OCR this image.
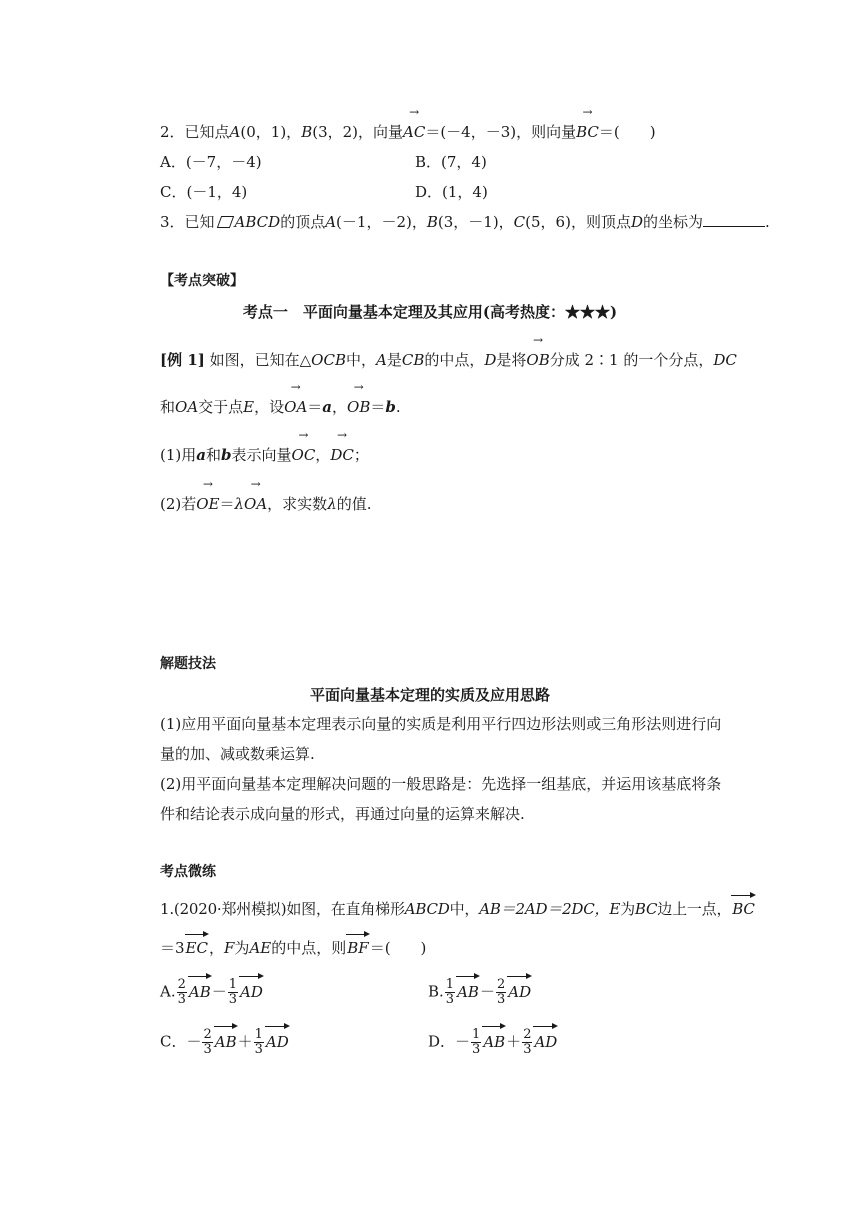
2．已知点A(0，1)，B(3，2)，向量→ AC＝(－4，－3)，则向量→ BC＝(　　)
A．(－7，－4)	B．(7，4)
C．(－1，4)	D．(1，4)
3．已知 ABCD的顶点A(－1，－2)，B(3，－1)，C(5，6)，则顶点D的坐标为	.
【考点突破】
考点一　平面向量基本定理及其应用(高考热度：★★★)
[例 1] 如图，已知在△OCB中，A是CB的中点，D是将→ OB分成 2∶1 的一个分点，DC
和OA交于点E，设→ OA＝a，→ OB＝b.
(1)用a和b表示向量→ OC，→ DC；
(2)若→ OE＝λ→ OA，求实数λ的值.
解题技法
平面向量基本定理的实质及应用思路
(1)应用平面向量基本定理表示向量的实质是利用平行四边形法则或三角形法则进行向
量的加、减或数乘运算.
(2)用平面向量基本定理解决问题的一般思路是：先选择一组基底，并运用该基底将条
件和结论表示成向量的形式，再通过向量的运算来解决.
考点微练
1.(2020·郑州模拟)如图，在直角梯形ABCD中，AB＝2AD＝2DC，E为BC边上一点，BC
＝3EC，F为AE的中点，则BF＝(　　)
A. $\frac{2}{3} AB- \frac{1}{3}$ AD	B. $\frac{1}{3} AB- \frac{2}{3}$ AD
C．－ $\frac{2}{3} AB+ \frac{1}{3}$ AD	D．－ $\frac{1}{3} AB+ \frac{2}{3}$ AD
